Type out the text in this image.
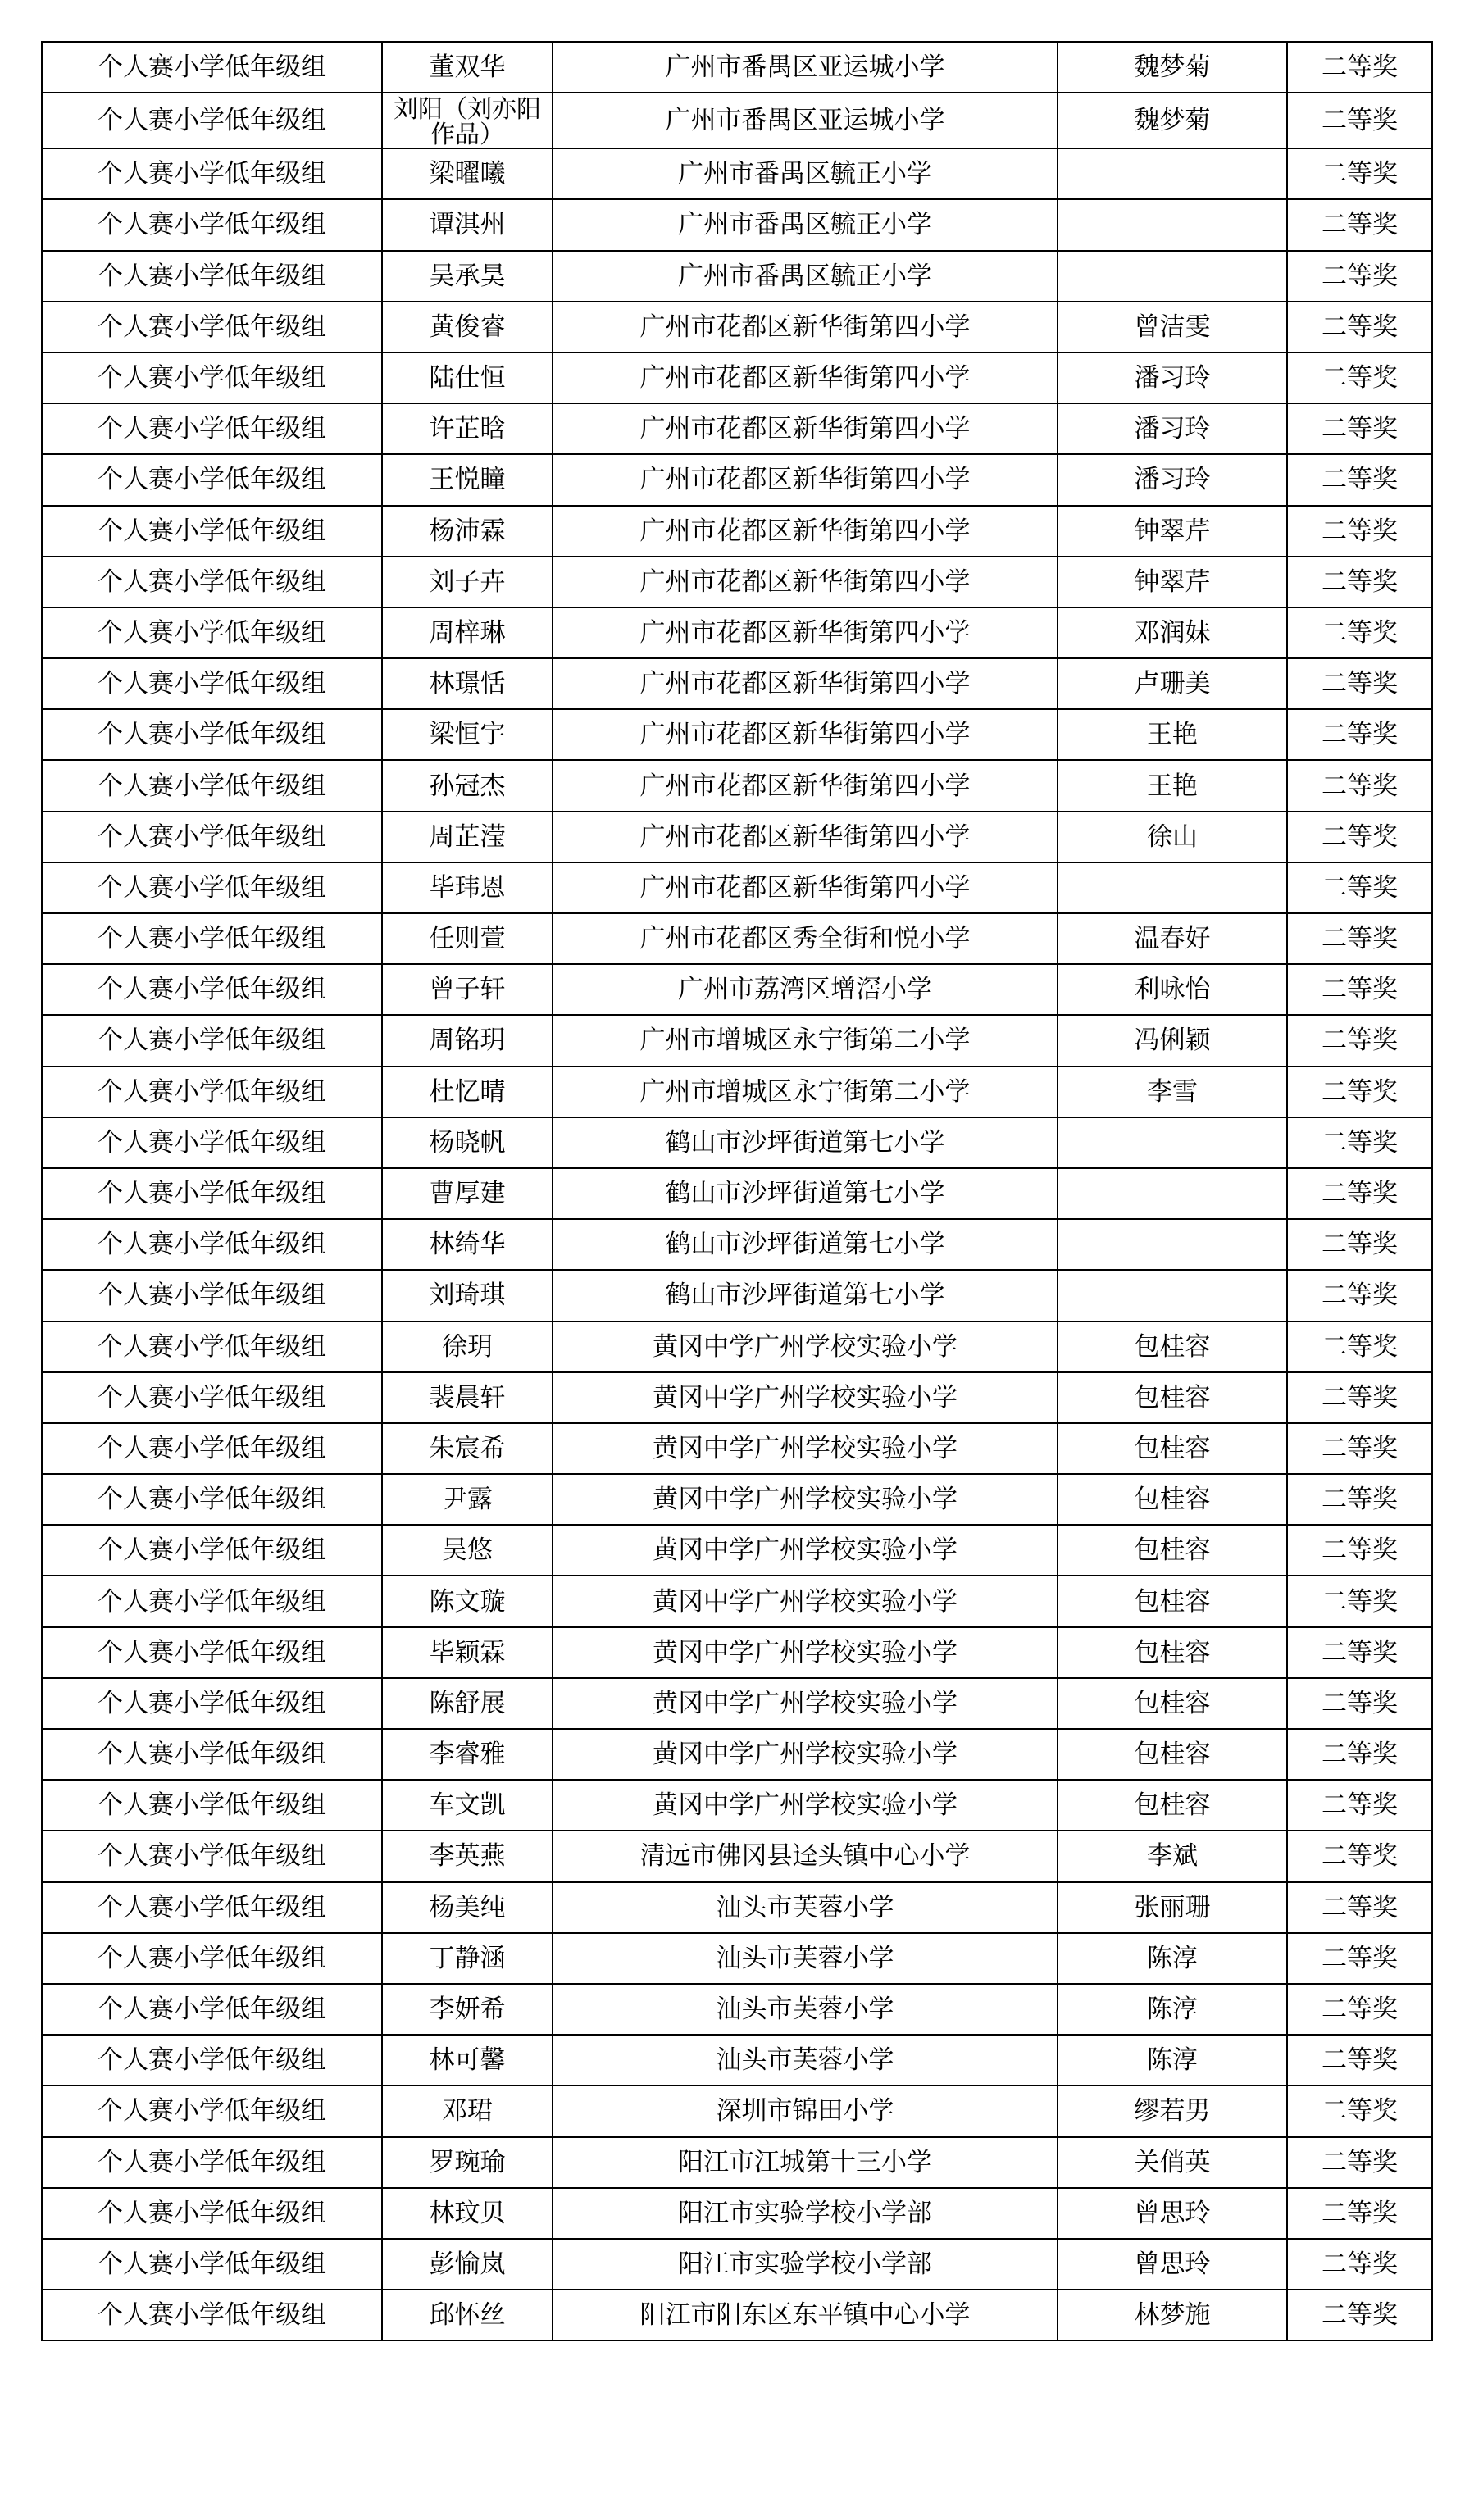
个人赛小学低年级组	董双华	广州市番禺区亚运城小学	魏梦菊	二等奖
个人赛小学低年级组	刘阳（刘亦阳 作品）	广州市番禺区亚运城小学	魏梦菊	二等奖
个人赛小学低年级组	梁曜曦	广州市番禺区毓正小学		二等奖
个人赛小学低年级组	谭淇州	广州市番禺区毓正小学		二等奖
个人赛小学低年级组	吴承昊	广州市番禺区毓正小学		二等奖
个人赛小学低年级组	黄俊睿	广州市花都区新华街第四小学	曾洁雯	二等奖
个人赛小学低年级组	陆仕恒	广州市花都区新华街第四小学	潘习玲	二等奖
个人赛小学低年级组	许芷晗	广州市花都区新华街第四小学	潘习玲	二等奖
个人赛小学低年级组	王悦瞳	广州市花都区新华街第四小学	潘习玲	二等奖
个人赛小学低年级组	杨沛霖	广州市花都区新华街第四小学	钟翠芹	二等奖
个人赛小学低年级组	刘子卉	广州市花都区新华街第四小学	钟翠芹	二等奖
个人赛小学低年级组	周梓琳	广州市花都区新华街第四小学	邓润妹	二等奖
个人赛小学低年级组	林璟恬	广州市花都区新华街第四小学	卢珊美	二等奖
个人赛小学低年级组	梁恒宇	广州市花都区新华街第四小学	王艳	二等奖
个人赛小学低年级组	孙冠杰	广州市花都区新华街第四小学	王艳	二等奖
个人赛小学低年级组	周芷滢	广州市花都区新华街第四小学	徐山	二等奖
个人赛小学低年级组	毕玮恩	广州市花都区新华街第四小学		二等奖
个人赛小学低年级组	任则萱	广州市花都区秀全街和悦小学	温春好	二等奖
个人赛小学低年级组	曾子轩	广州市荔湾区增滘小学	利咏怡	二等奖
个人赛小学低年级组	周铭玥	广州市增城区永宁街第二小学	冯俐颖	二等奖
个人赛小学低年级组	杜忆晴	广州市增城区永宁街第二小学	李雪	二等奖
个人赛小学低年级组	杨晓帆	鹤山市沙坪街道第七小学		二等奖
个人赛小学低年级组	曹厚建	鹤山市沙坪街道第七小学		二等奖
个人赛小学低年级组	林绮华	鹤山市沙坪街道第七小学		二等奖
个人赛小学低年级组	刘琦琪	鹤山市沙坪街道第七小学		二等奖
个人赛小学低年级组	徐玥	黄冈中学广州学校实验小学	包桂容	二等奖
个人赛小学低年级组	裴晨轩	黄冈中学广州学校实验小学	包桂容	二等奖
个人赛小学低年级组	朱宸希	黄冈中学广州学校实验小学	包桂容	二等奖
个人赛小学低年级组	尹露	黄冈中学广州学校实验小学	包桂容	二等奖
个人赛小学低年级组	吴悠	黄冈中学广州学校实验小学	包桂容	二等奖
个人赛小学低年级组	陈文璇	黄冈中学广州学校实验小学	包桂容	二等奖
个人赛小学低年级组	毕颖霖	黄冈中学广州学校实验小学	包桂容	二等奖
个人赛小学低年级组	陈舒展	黄冈中学广州学校实验小学	包桂容	二等奖
个人赛小学低年级组	李睿雅	黄冈中学广州学校实验小学	包桂容	二等奖
个人赛小学低年级组	车文凯	黄冈中学广州学校实验小学	包桂容	二等奖
个人赛小学低年级组	李英燕	清远市佛冈县迳头镇中心小学	李斌	二等奖
个人赛小学低年级组	杨美纯	汕头市芙蓉小学	张丽珊	二等奖
个人赛小学低年级组	丁静涵	汕头市芙蓉小学	陈淳	二等奖
个人赛小学低年级组	李妍希	汕头市芙蓉小学	陈淳	二等奖
个人赛小学低年级组	林可馨	汕头市芙蓉小学	陈淳	二等奖
个人赛小学低年级组	邓珺	深圳市锦田小学	缪若男	二等奖
个人赛小学低年级组	罗琬瑜	阳江市江城第十三小学	关俏英	二等奖
个人赛小学低年级组	林玟贝	阳江市实验学校小学部	曾思玲	二等奖
个人赛小学低年级组	彭愉岚	阳江市实验学校小学部	曾思玲	二等奖
个人赛小学低年级组	邱怀丝	阳江市阳东区东平镇中心小学	林梦施	二等奖
